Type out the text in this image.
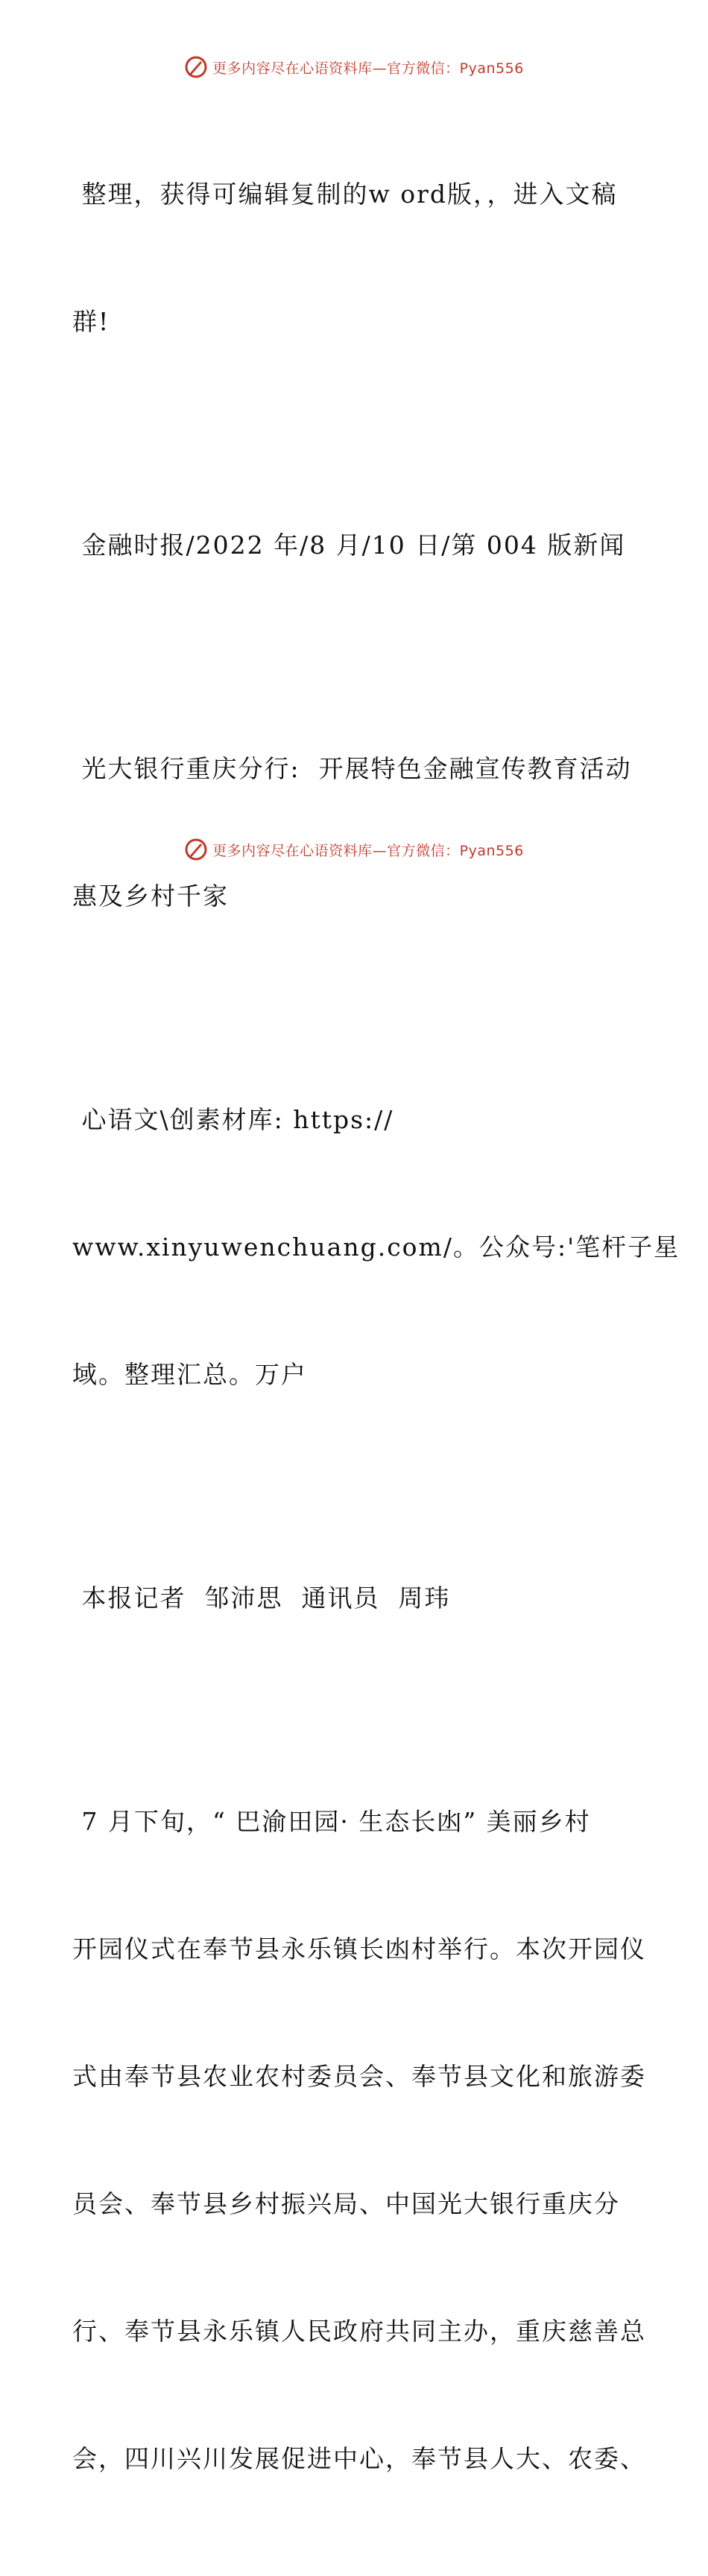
更多内容尽在心语资料库—官方微信：Pyan556

整理，获得可编辑复制的w ord版，，进入文稿

群!

金融时报/2022 年/8 月/10 日/第 004 版新闻

光大银行重庆分行:  开展特色金融宣传教育活动

惠及乡村千家

心语文\创素材库: https://

www.xinyuwenchuang.com/。公众号:'笔杆子星

域。整理汇总。万户

本报记者  邹沛思  通讯员  周玮

7 月下旬，“ 巴渝田园· 生态长凼” 美丽乡村

开园仪式在奉节县永乐镇长凼村举行。本次开园仪

式由奉节县农业农村委员会、奉节县文化和旅游委

员会、奉节县乡村振兴局、中国光大银行重庆分

行、奉节县永乐镇人民政府共同主办，重庆慈善总

会，四川兴川发展促进中心，奉节县人大、农委、

更多内容尽在心语资料库—官方微信：Pyan556
